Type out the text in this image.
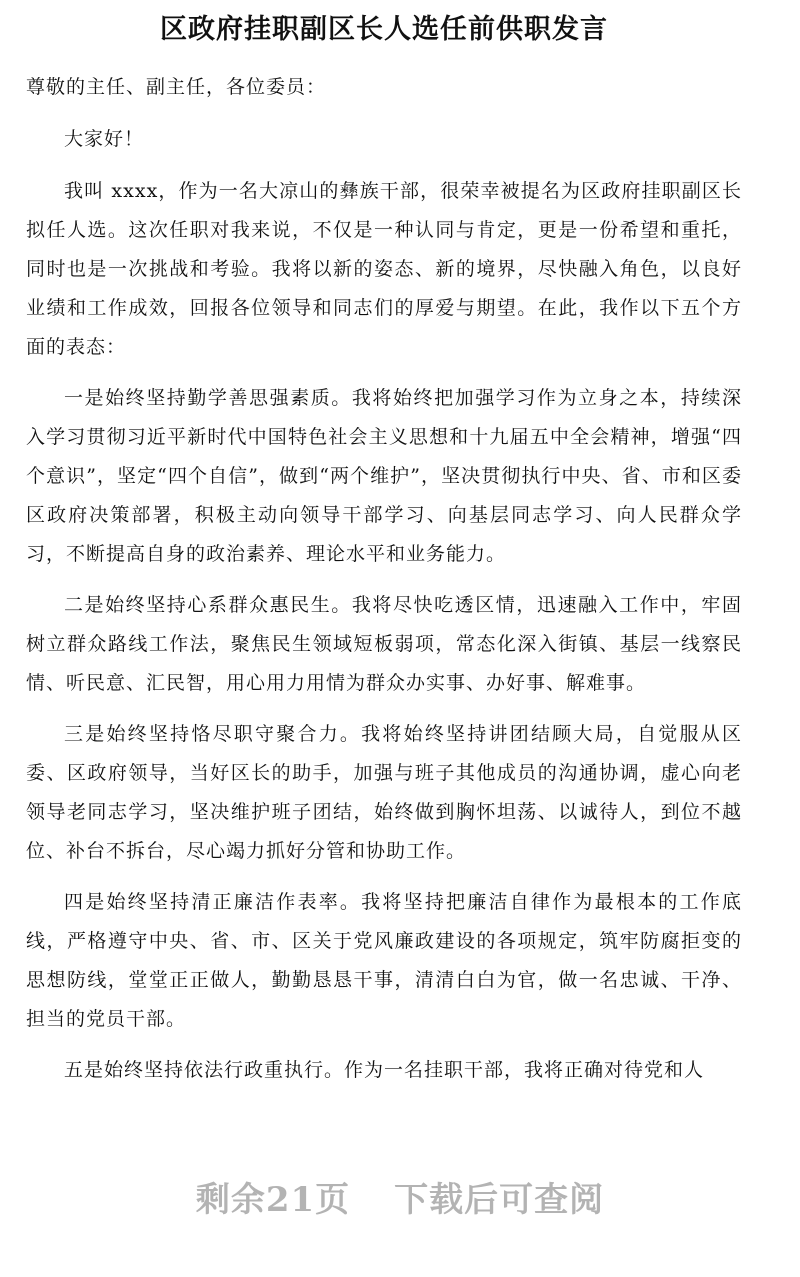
区政府挂职副区长人选任前供职发言
尊敬的主任、副主任，各位委员：
大家好！

我叫 xxxx，作为一名大凉山的彝族干部，很荣幸被提名为区政府挂职副区长拟任人选。这次任职对我来说，不仅是一种认同与肯定，更是一份希望和重托，同时也是一次挑战和考验。我将以新的姿态、新的境界，尽快融入角色，以良好业绩和工作成效，回报各位领导和同志们的厚爱与期望。在此，我作以下五个方面的表态：

一是始终坚持勤学善思强素质。我将始终把加强学习作为立身之本，持续深入学习贯彻习近平新时代中国特色社会主义思想和十九届五中全会精神，增强“四个意识”，坚定“四个自信”，做到“两个维护”，坚决贯彻执行中央、省、市和区委区政府决策部署，积极主动向领导干部学习、向基层同志学习、向人民群众学习，不断提高自身的政治素养、理论水平和业务能力。

二是始终坚持心系群众惠民生。我将尽快吃透区情，迅速融入工作中，牢固树立群众路线工作法，聚焦民生领域短板弱项，常态化深入街镇、基层一线察民情、听民意、汇民智，用心用力用情为群众办实事、办好事、解难事。

三是始终坚持恪尽职守聚合力。我将始终坚持讲团结顾大局，自觉服从区委、区政府领导，当好区长的助手，加强与班子其他成员的沟通协调，虚心向老领导老同志学习，坚决维护班子团结，始终做到胸怀坦荡、以诚待人，到位不越位、补台不拆台，尽心竭力抓好分管和协助工作。

四是始终坚持清正廉洁作表率。我将坚持把廉洁自律作为最根本的工作底线，严格遵守中央、省、市、区关于党风廉政建设的各项规定，筑牢防腐拒变的思想防线，堂堂正正做人，勤勤恳恳干事，清清白白为官，做一名忠诚、干净、担当的党员干部。

五是始终坚持依法行政重执行。作为一名挂职干部，我将正确对待党和人

剩余21页 下载后可查阅
